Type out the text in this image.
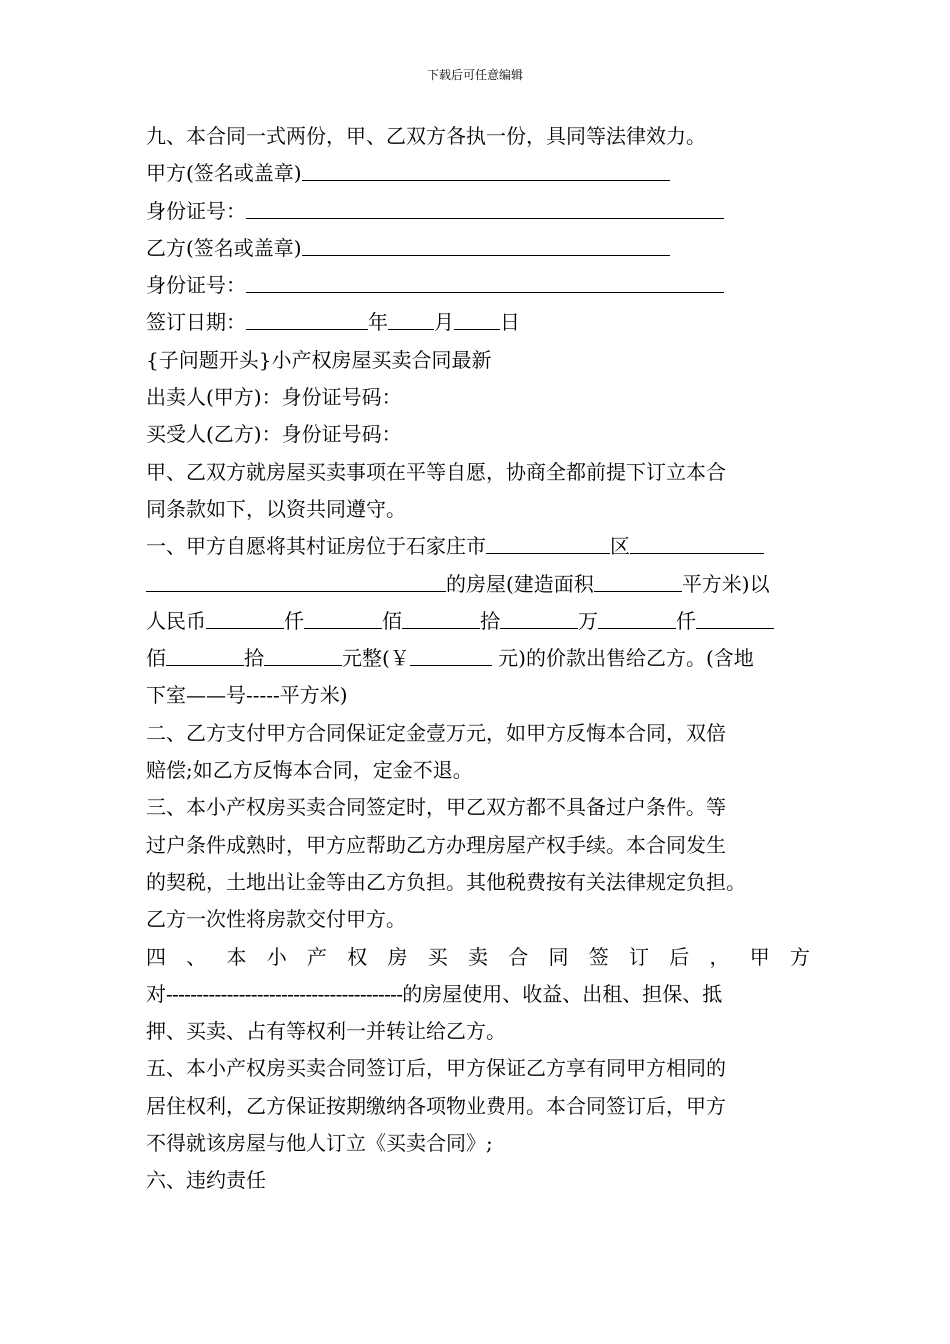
下载后可任意编辑
九、本合同一式两份，甲、乙双方各执一份，具同等法律效力。
甲方(签名或盖章)
身份证号：
乙方(签名或盖章)
身份证号：
签订日期：	年 月 日
{子问题开头}小产权房屋买卖合同最新
出卖人(甲方)：身份证号码：
买受人(乙方)：身份证号码：
甲、乙双方就房屋买卖事项在平等自愿，协商全都前提下订立本合
同条款如下，以资共同遵守。
一、甲方自愿将其村证房位于石家庄市	区
的房屋(建造面积	平方米)以
人民币	仟	佰	拾	万	仟
佰	拾	元整(￥	元)的价款出售给乙方。(含地
下室——号-----平方米)
二、乙方支付甲方合同保证定金壹万元，如甲方反悔本合同，双倍
赔偿;如乙方反悔本合同，定金不退。
三、本小产权房买卖合同签定时，甲乙双方都不具备过户条件。等
过户条件成熟时，甲方应帮助乙方办理房屋产权手续。本合同发生
的契税，土地出让金等由乙方负担。其他税费按有关法律规定负担。
乙方一次性将房款交付甲方。
四、本小产权房买卖合同签订后，甲方
对---------------------------------------的房屋使用、收益、出租、担保、抵
押、买卖、占有等权利一并转让给乙方。
五、本小产权房买卖合同签订后，甲方保证乙方享有同甲方相同的
居住权利，乙方保证按期缴纳各项物业费用。本合同签订后，甲方
不得就该房屋与他人订立《买卖合同》;
六、违约责任
